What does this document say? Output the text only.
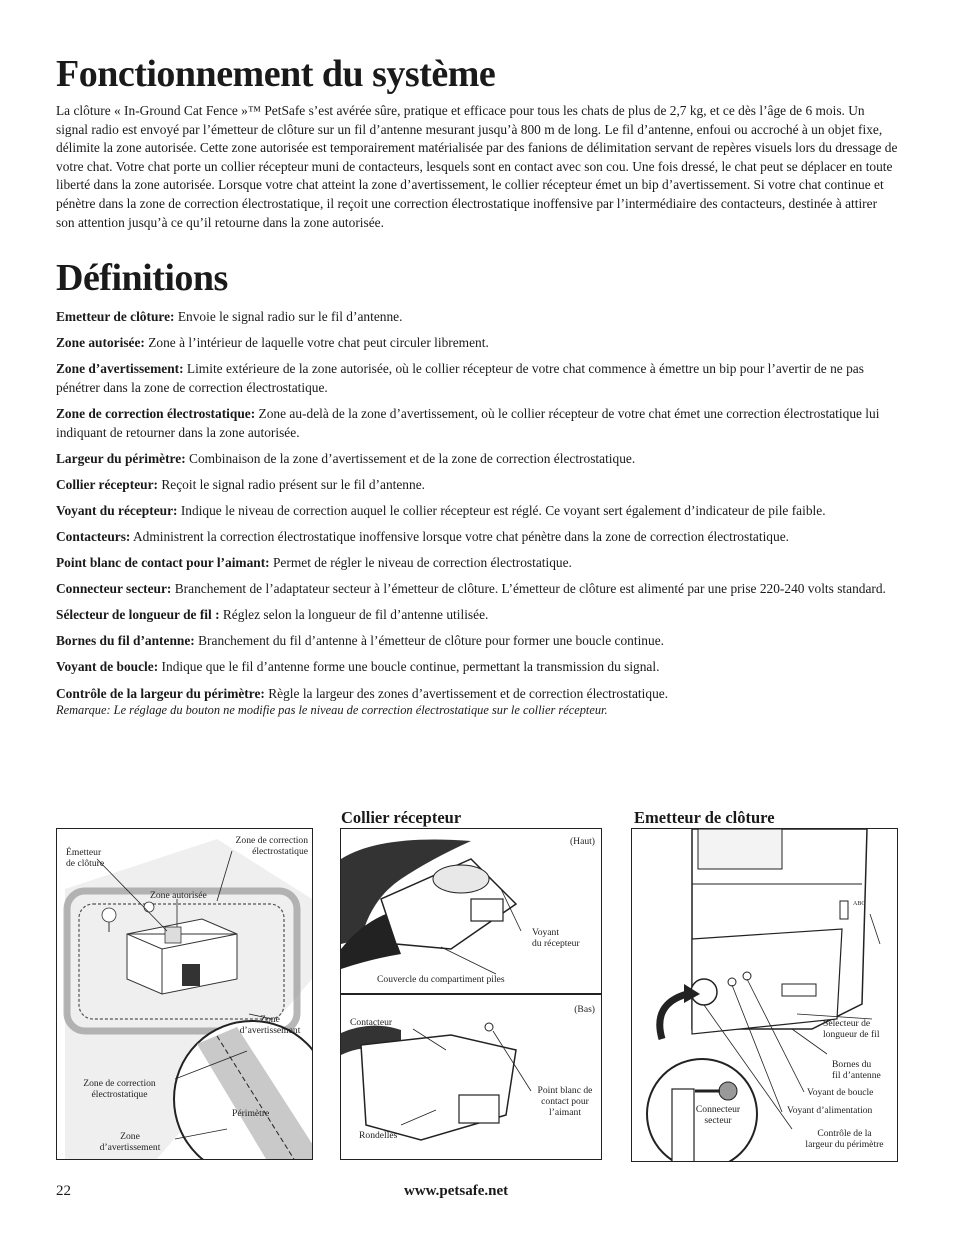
Fonctionnement du système

La clôture « In-Ground Cat Fence »™ PetSafe s’est avérée sûre, pratique et efficace pour tous les chats de plus de 2,7 kg, et ce dès l’âge de 6 mois. Un signal radio est envoyé par l’émetteur de clôture sur un fil d’antenne mesurant jusqu’à 800 m de long. Le fil d’antenne, enfoui ou accroché à un objet fixe, délimite la zone autorisée. Cette zone autorisée est temporairement matérialisée par des fanions de délimitation servant de repères visuels lors du dressage de votre chat. Votre chat porte un collier récepteur muni de contacteurs, lesquels sont en contact avec son cou. Une fois dressé, le chat peut se déplacer en toute liberté dans la zone autorisée. Lorsque votre chat atteint la zone d’avertissement, le collier récepteur émet un bip d’avertissement. Si votre chat continue et pénètre dans la zone de correction électrostatique, il reçoit une correction électrostatique inoffensive par l’intermédiaire des contacteurs, destinée à attirer son attention jusqu’à ce qu’il retourne dans la zone autorisée.

Définitions

Emetteur de clôture: Envoie le signal radio sur le fil d’antenne.

Zone autorisée: Zone à l’intérieur de laquelle votre chat peut circuler librement.

Zone d’avertissement: Limite extérieure de la zone autorisée, où le collier récepteur de votre chat commence à émettre un bip pour l’avertir de ne pas pénétrer dans la zone de correction électrostatique.

Zone de correction électrostatique: Zone au-delà de la zone d’avertissement, où le collier récepteur de votre chat émet une correction électrostatique lui indiquant de retourner dans la zone autorisée.

Largeur du périmètre: Combinaison de la zone d’avertissement et de la zone de correction électrostatique.

Collier récepteur: Reçoit le signal radio présent sur le fil d’antenne.

Voyant du récepteur: Indique le niveau de correction auquel le collier récepteur est réglé. Ce voyant sert également d’indicateur de pile faible.

Contacteurs: Administrent la correction électrostatique inoffensive lorsque votre chat pénètre dans la zone de correction électrostatique.

Point blanc de contact pour l’aimant: Permet de régler le niveau de correction électrostatique.

Connecteur secteur: Branchement de l’adaptateur secteur à l’émetteur de clôture. L’émetteur de clôture est alimenté par une prise 220-240 volts standard.

Sélecteur de longueur de fil : Réglez selon la longueur de fil d’antenne utilisée.

Bornes du fil d’antenne: Branchement du fil d’antenne à l’émetteur de clôture pour former une boucle continue.

Voyant de boucle: Indique que le fil d’antenne forme une boucle continue, permettant la transmission du signal.

Contrôle de la largeur du périmètre: Règle la largeur des zones d’avertissement et de correction électrostatique.
Remarque: Le réglage du bouton ne modifie pas le niveau de correction électrostatique sur le collier récepteur.

Collier récepteur	Emetteur de clôture
Émetteur
de clôture
Zone de correction
électrostatique
Zone autorisée
Zone
d’avertissement
Zone de correction
électrostatique
Périmètre
Zone
d’avertissement
(Haut)
Voyant
du récepteur
Couvercle du compartiment piles
(Bas)
Contacteur
Point blanc de
contact pour
l’aimant
Rondelles
ABC
Sélecteur de
longueur de fil
Bornes du
fil d’antenne
Voyant de boucle
Connecteur
secteur
Voyant d’alimentation
Contrôle de la
largeur du périmètre
22	www.petsafe.net
